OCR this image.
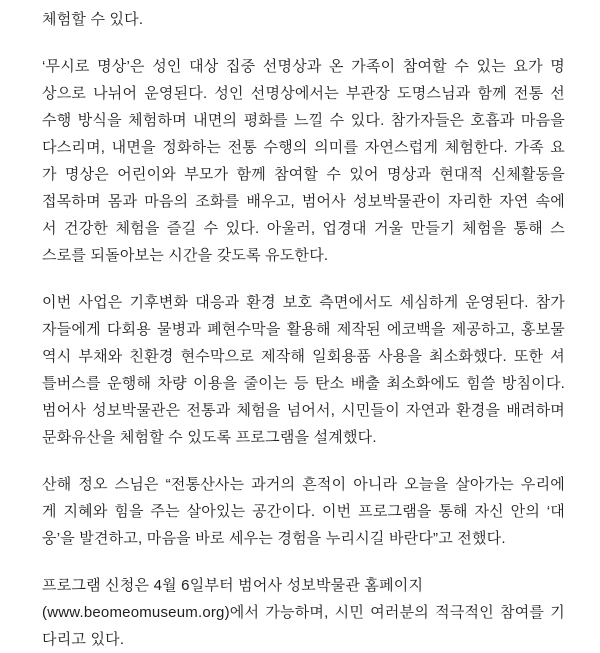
체험할 수 있다.
‘무시로 명상’은 성인 대상 집중 선명상과 온 가족이 참여할 수 있는 요가 명
상으로 나뉘어 운영된다. 성인 선명상에서는 부관장 도명스님과 함께 전통 선
수행 방식을 체험하며 내면의 평화를 느낄 수 있다. 참가자들은 호흡과 마음을
다스리며, 내면을 정화하는 전통 수행의 의미를 자연스럽게 체험한다. 가족 요
가 명상은 어린이와 부모가 함께 참여할 수 있어 명상과 현대적 신체활동을
접목하며 몸과 마음의 조화를 배우고, 범어사 성보박물관이 자리한 자연 속에
서 건강한 체험을 즐길 수 있다. 아울러, 업경대 거울 만들기 체험을 통해 스
스로를 되돌아보는 시간을 갖도록 유도한다.
이번 사업은 기후변화 대응과 환경 보호 측면에서도 세심하게 운영된다. 참가
자들에게 다회용 물병과 폐현수막을 활용해 제작된 에코백을 제공하고, 홍보물
역시 부채와 친환경 현수막으로 제작해 일회용품 사용을 최소화했다. 또한 셔
틀버스를 운행해 차량 이용을 줄이는 등 탄소 배출 최소화에도 힘쓸 방침이다.
범어사 성보박물관은 전통과 체험을 넘어서, 시민들이 자연과 환경을 배려하며
문화유산을 체험할 수 있도록 프로그램을 설계했다.
산해 정오 스님은 “전통산사는 과거의 흔적이 아니라 오늘을 살아가는 우리에
게 지혜와 힘을 주는 살아있는 공간이다. 이번 프로그램을 통해 자신 안의 ‘대
웅’을 발견하고, 마음을 바로 세우는 경험을 누리시길 바란다”고 전했다.
프로그램 신청은 4월 6일부터 범어사 성보박물관 홈페이지
(www.beomeomuseum.org)에서 가능하며, 시민 여러분의 적극적인 참여를 기
다리고 있다.
